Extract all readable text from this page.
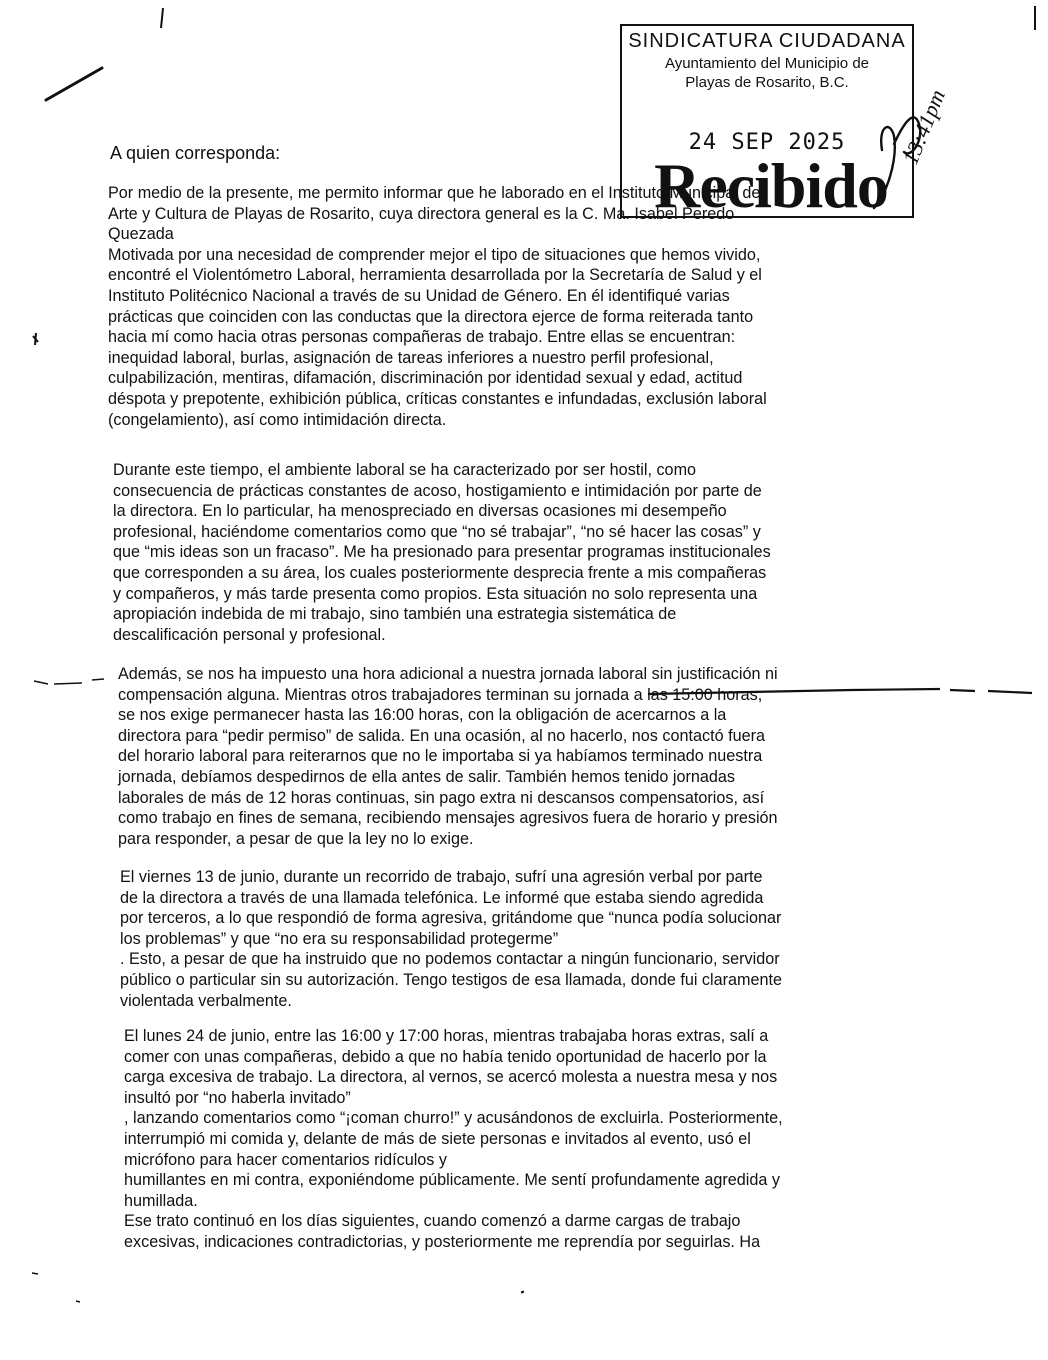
SINDICATURA CIUDADANA
Ayuntamiento del Municipio de
Playas de Rosarito, B.C.
24 SEP 2025
Recibido
13:41pm
A quien corresponda:

Por medio de la presente, me permito informar que he laborado en el Instituto Municipal de
Arte y Cultura de Playas de Rosarito, cuya directora general es la C. Ma. Isabel Peredo
Quezada
Motivada por una necesidad de comprender mejor el tipo de situaciones que hemos vivido,
encontré el Violentómetro Laboral, herramienta desarrollada por la Secretaría de Salud y el
Instituto Politécnico Nacional a través de su Unidad de Género. En él identifiqué varias
prácticas que coinciden con las conductas que la directora ejerce de forma reiterada tanto
hacia mí como hacia otras personas compañeras de trabajo. Entre ellas se encuentran:
inequidad laboral, burlas, asignación de tareas inferiores a nuestro perfil profesional,
culpabilización, mentiras, difamación, discriminación por identidad sexual y edad, actitud
déspota y prepotente, exhibición pública, críticas constantes e infundadas, exclusión laboral
(congelamiento), así como intimidación directa.

Durante este tiempo, el ambiente laboral se ha caracterizado por ser hostil, como
consecuencia de prácticas constantes de acoso, hostigamiento e intimidación por parte de
la directora. En lo particular, ha menospreciado en diversas ocasiones mi desempeño
profesional, haciéndome comentarios como que “no sé trabajar”, “no sé hacer las cosas” y
que “mis ideas son un fracaso”. Me ha presionado para presentar programas institucionales
que corresponden a su área, los cuales posteriormente desprecia frente a mis compañeras
y compañeros, y más tarde presenta como propios. Esta situación no solo representa una
apropiación indebida de mi trabajo, sino también una estrategia sistemática de
descalificación personal y profesional.

Además, se nos ha impuesto una hora adicional a nuestra jornada laboral sin justificación ni
compensación alguna. Mientras otros trabajadores terminan su jornada a las 15:00 horas,
se nos exige permanecer hasta las 16:00 horas, con la obligación de acercarnos a la
directora para “pedir permiso” de salida. En una ocasión, al no hacerlo, nos contactó fuera
del horario laboral para reiterarnos que no le importaba si ya habíamos terminado nuestra
jornada, debíamos despedirnos de ella antes de salir. También hemos tenido jornadas
laborales de más de 12 horas continuas, sin pago extra ni descansos compensatorios, así
como trabajo en fines de semana, recibiendo mensajes agresivos fuera de horario y presión
para responder, a pesar de que la ley no lo exige.

El viernes 13 de junio, durante un recorrido de trabajo, sufrí una agresión verbal por parte
de la directora a través de una llamada telefónica. Le informé que estaba siendo agredida
por terceros, a lo que respondió de forma agresiva, gritándome que “nunca podía solucionar
los problemas” y que “no era su responsabilidad protegerme”
. Esto, a pesar de que ha instruido que no podemos contactar a ningún funcionario, servidor
público o particular sin su autorización. Tengo testigos de esa llamada, donde fui claramente
violentada verbalmente.

El lunes 24 de junio, entre las 16:00 y 17:00 horas, mientras trabajaba horas extras, salí a
comer con unas compañeras, debido a que no había tenido oportunidad de hacerlo por la
carga excesiva de trabajo. La directora, al vernos, se acercó molesta a nuestra mesa y nos
insultó por “no haberla invitado”
, lanzando comentarios como “¡coman churro!” y acusándonos de excluirla. Posteriormente,
interrumpió mi comida y, delante de más de siete personas e invitados al evento, usó el
micrófono para hacer comentarios ridículos y
humillantes en mi contra, exponiéndome públicamente. Me sentí profundamente agredida y
humillada.
Ese trato continuó en los días siguientes, cuando comenzó a darme cargas de trabajo
excesivas, indicaciones contradictorias, y posteriormente me reprendía por seguirlas. Ha
